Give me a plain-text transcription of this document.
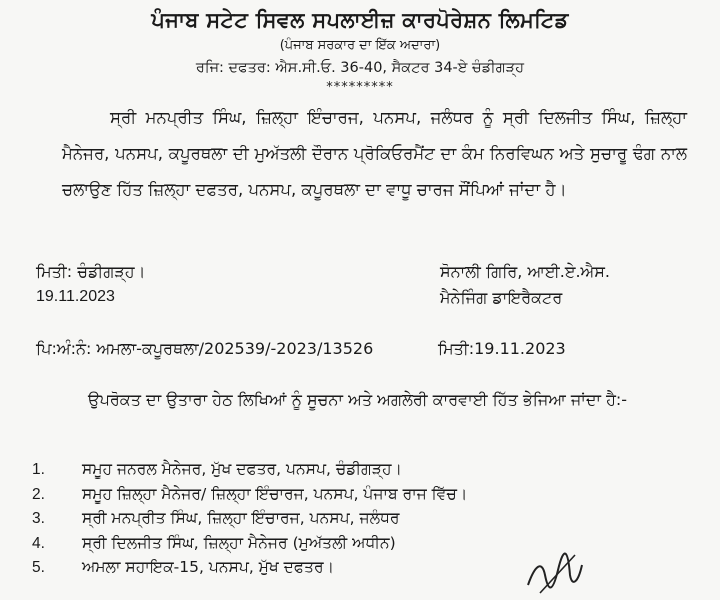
ਪੰਜਾਬ ਸਟੇਟ ਸਿਵਲ ਸਪਲਾਈਜ਼ ਕਾਰਪੋਰੇਸ਼ਨ ਲਿਮਟਿਡ
(ਪੰਜਾਬ ਸਰਕਾਰ ਦਾ ਇੱਕ ਅਦਾਰਾ)
ਰਜਿ: ਦਫਤਰ: ਐਸ.ਸੀ.ਓ. 36-40, ਸੈਕਟਰ 34-ਏ ਚੰਡੀਗੜ੍ਹ
*********
ਸ੍ਰੀ ਮਨਪ੍ਰੀਤ ਸਿੰਘ, ਜ਼ਿਲ੍ਹਾ ਇੰਚਾਰਜ, ਪਨਸਪ, ਜਲੰਧਰ ਨੂੰ ਸ੍ਰੀ ਦਿਲਜੀਤ ਸਿੰਘ, ਜ਼ਿਲ੍ਹਾ ਮੈਨੇਜਰ, ਪਨਸਪ, ਕਪੂਰਥਲਾ ਦੀ ਮੁਅੱਤਲੀ ਦੌਰਾਨ ਪ੍ਰੋਕਿਓਰਮੈਂਟ ਦਾ ਕੰਮ ਨਿਰਵਿਘਨ ਅਤੇ ਸੁਚਾਰੂ ਢੰਗ ਨਾਲ ਚਲਾਉਣ ਹਿੱਤ ਜ਼ਿਲ੍ਹਾ ਦਫਤਰ, ਪਨਸਪ, ਕਪੂਰਥਲਾ ਦਾ ਵਾਧੂ ਚਾਰਜ ਸੌਂਪਿਆਂ ਜਾਂਦਾ ਹੈ।
ਮਿਤੀ: ਚੰਡੀਗੜ੍ਹ।
19.11.2023
ਸੋਨਾਲੀ ਗਿਰਿ, ਆਈ.ਏ.ਐਸ.
ਮੈਨੇਜਿੰਗ ਡਾਇਰੈਕਟਰ
ਪਿ:ਅੰ:ਨੰ: ਅਮਲਾ-ਕਪੂਰਥਲਾ/202539/-2023/13526	ਮਿਤੀ:19.11.2023
ਉਪਰੋਕਤ ਦਾ ਉਤਾਰਾ ਹੇਠ ਲਿਖਿਆਂ ਨੂੰ ਸੂਚਨਾ ਅਤੇ ਅਗਲੇਰੀ ਕਾਰਵਾਈ ਹਿੱਤ ਭੇਜਿਆ ਜਾਂਦਾ ਹੈ:-
1. ਸਮੂਹ ਜਨਰਲ ਮੈਨੇਜਰ, ਮੁੱਖ ਦਫਤਰ, ਪਨਸਪ, ਚੰਡੀਗੜ੍ਹ।
2. ਸਮੂਹ ਜ਼ਿਲ੍ਹਾ ਮੈਨੇਜਰ/ ਜ਼ਿਲ੍ਹਾ ਇੰਚਾਰਜ, ਪਨਸਪ, ਪੰਜਾਬ ਰਾਜ ਵਿੱਚ।
3. ਸ੍ਰੀ ਮਨਪ੍ਰੀਤ ਸਿੰਘ, ਜ਼ਿਲ੍ਹਾ ਇੰਚਾਰਜ, ਪਨਸਪ, ਜਲੰਧਰ
4. ਸ੍ਰੀ ਦਿਲਜੀਤ ਸਿੰਘ, ਜ਼ਿਲ੍ਹਾ ਮੈਨੇਜਰ (ਮੁਅੱਤਲੀ ਅਧੀਨ)
5. ਅਮਲਾ ਸਹਾਇਕ-15, ਪਨਸਪ, ਮੁੱਖ ਦਫਤਰ।
